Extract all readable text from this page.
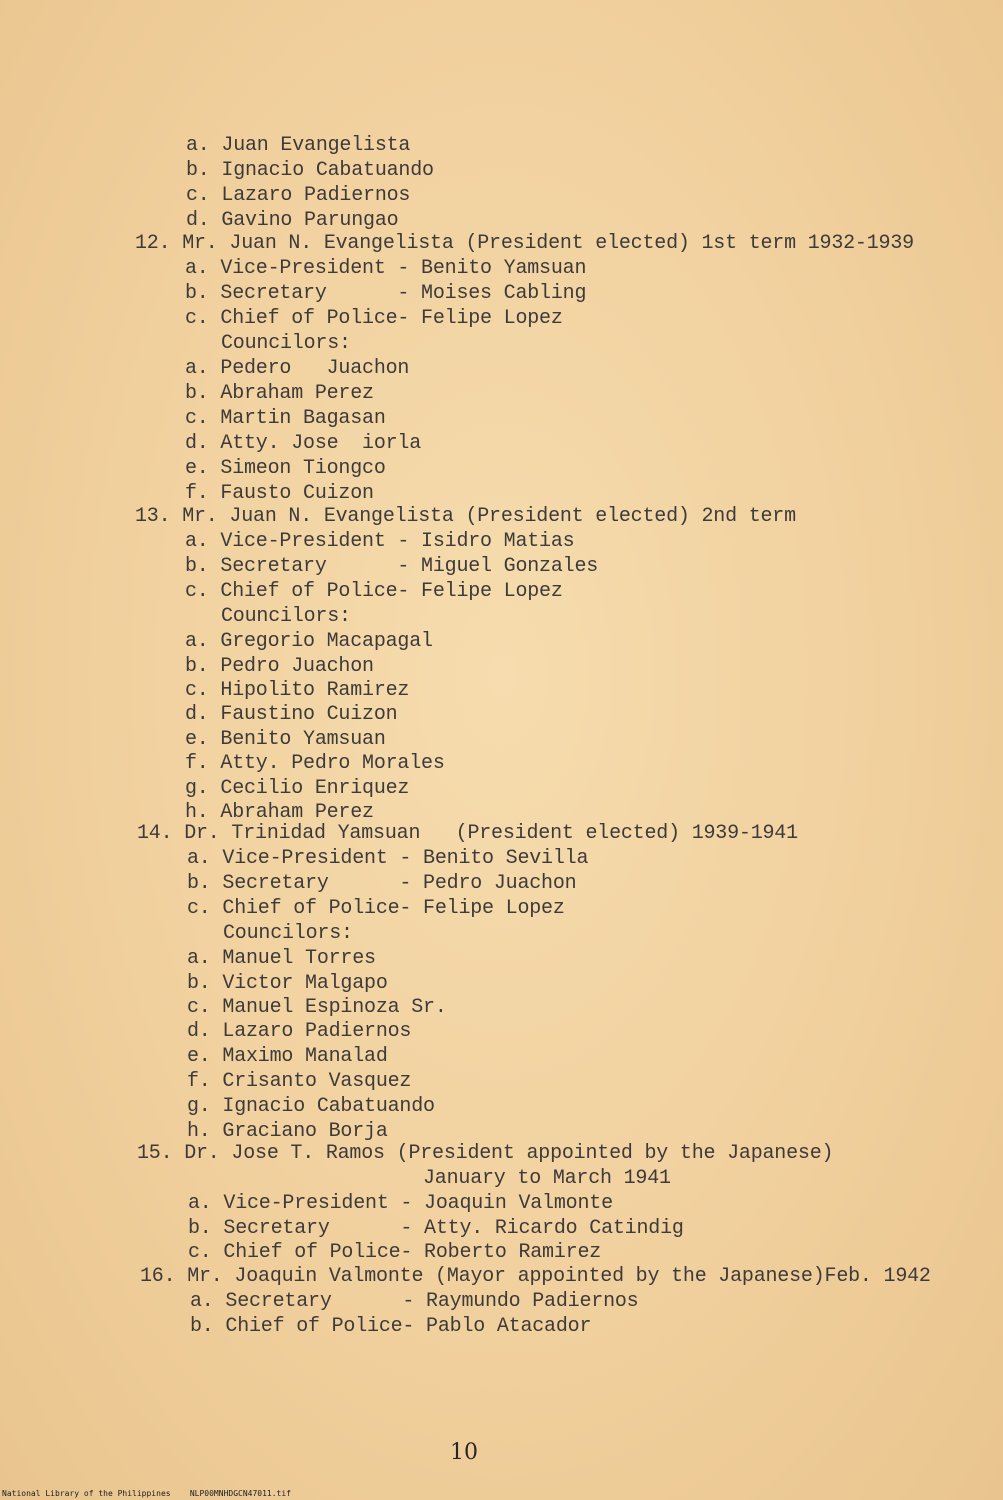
a. Juan Evangelista
b. Ignacio Cabatuando
c. Lazaro Padiernos
d. Gavino Parungao
12. Mr. Juan N. Evangelista (President elected) 1st term 1932-1939
a. Vice-President - Benito Yamsuan
b. Secretary      - Moises Cabling
c. Chief of Police- Felipe Lopez
Councilors:
a. Pedero   Juachon
b. Abraham Perez
c. Martin Bagasan
d. Atty. Jose  iorla
e. Simeon Tiongco
f. Fausto Cuizon
13. Mr. Juan N. Evangelista (President elected) 2nd term
a. Vice-President - Isidro Matias
b. Secretary      - Miguel Gonzales
c. Chief of Police- Felipe Lopez
Councilors:
a. Gregorio Macapagal
b. Pedro Juachon
c. Hipolito Ramirez
d. Faustino Cuizon
e. Benito Yamsuan
f. Atty. Pedro Morales
g. Cecilio Enriquez
h. Abraham Perez
14. Dr. Trinidad Yamsuan   (President elected) 1939-1941
a. Vice-President - Benito Sevilla
b. Secretary      - Pedro Juachon
c. Chief of Police- Felipe Lopez
Councilors:
a. Manuel Torres
b. Victor Malgapo
c. Manuel Espinoza Sr.
d. Lazaro Padiernos
e. Maximo Manalad
f. Crisanto Vasquez
g. Ignacio Cabatuando
h. Graciano Borja
15. Dr. Jose T. Ramos (President appointed by the Japanese)
January to March 1941
a. Vice-President - Joaquin Valmonte
b. Secretary      - Atty. Ricardo Catindig
c. Chief of Police- Roberto Ramirez
16. Mr. Joaquin Valmonte (Mayor appointed by the Japanese)Feb. 1942
a. Secretary      - Raymundo Padiernos
b. Chief of Police- Pablo Atacador
10
National Library of the Philippines    NLP00MNHDGCN47011.tif
